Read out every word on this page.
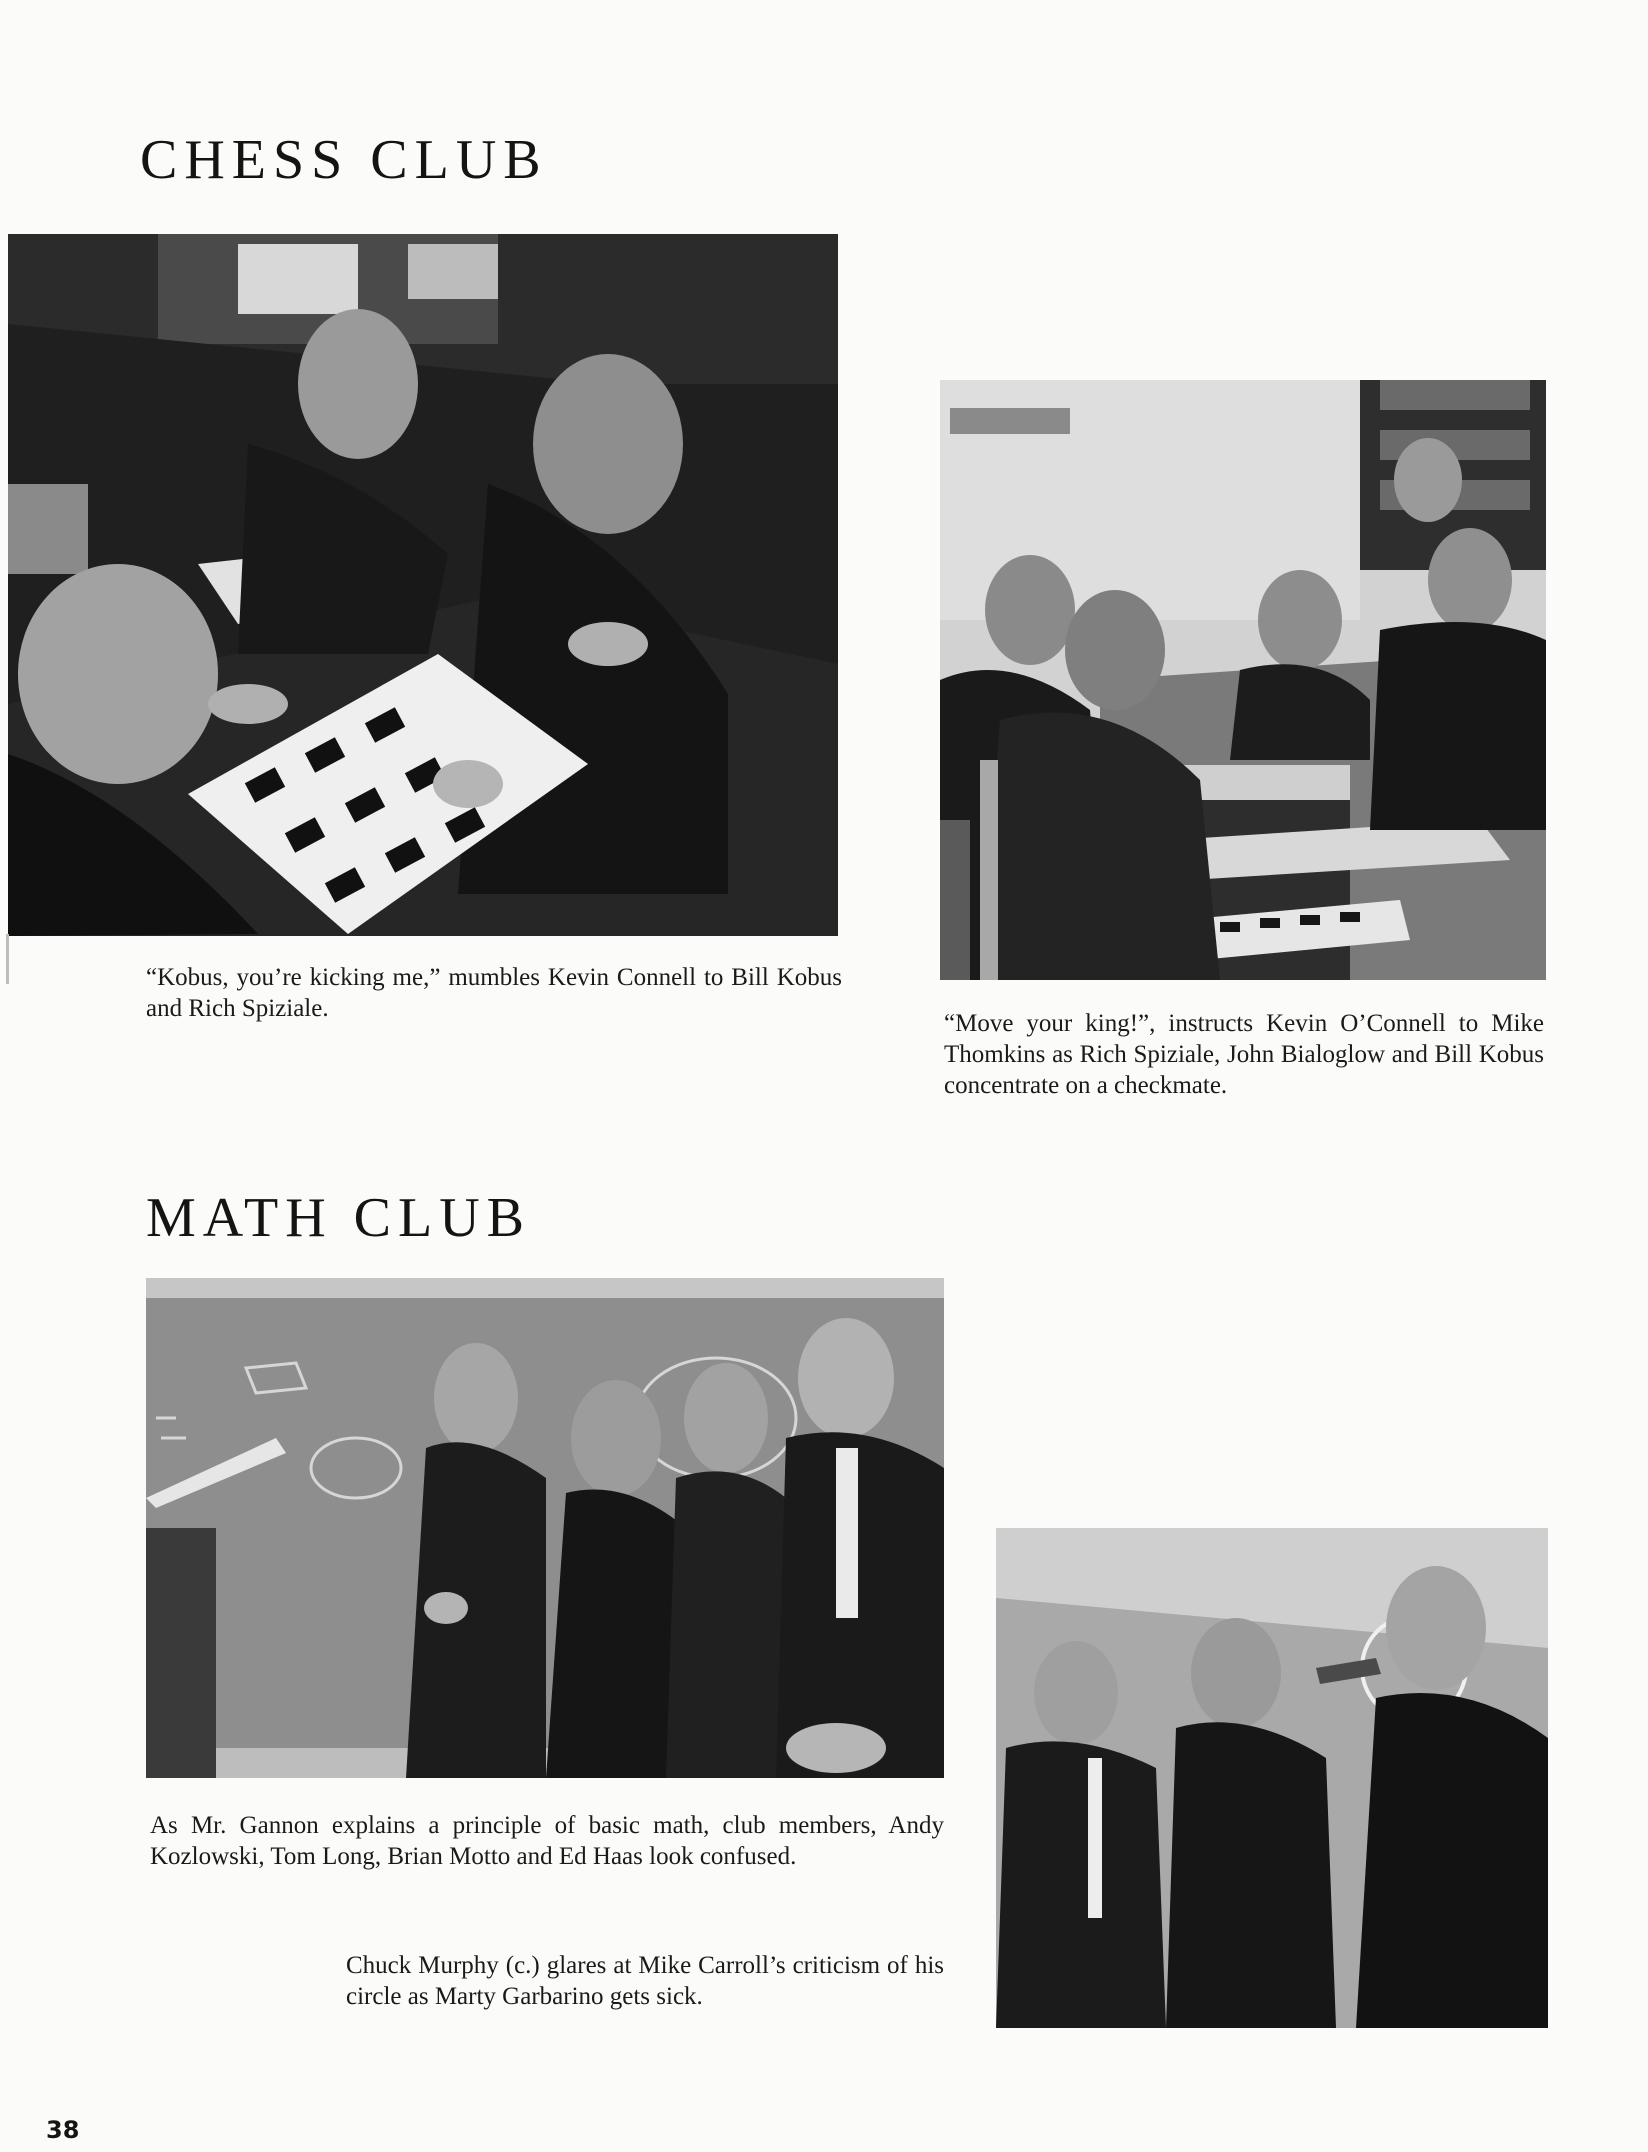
CHESS CLUB

“Kobus, you’re kicking me,” mumbles Kevin Connell to Bill Kobus and Rich Spiziale.

“Move your king!”, instructs Kevin O’Connell to Mike Thomkins as Rich Spiziale, John Bialoglow and Bill Kobus concentrate on a checkmate.

MATH CLUB

As Mr. Gannon explains a principle of basic math, club members, Andy Kozlowski, Tom Long, Brian Motto and Ed Haas look confused.

Chuck Murphy (c.) glares at Mike Carroll’s criticism of his circle as Marty Garbarino gets sick.

38
